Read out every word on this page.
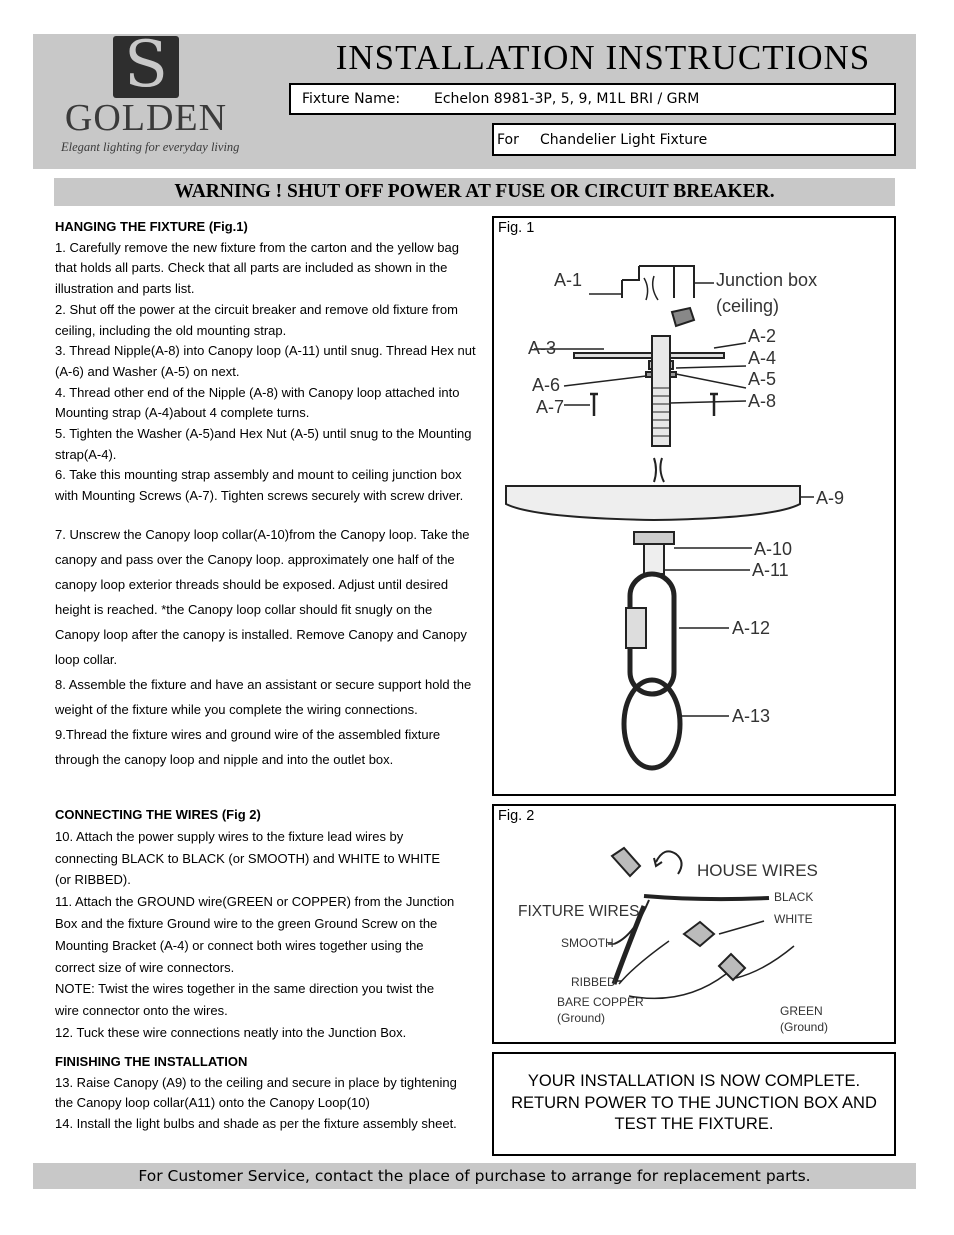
S
GOLDEN
Elegant lighting for everyday living
INSTALLATION INSTRUCTIONS
Fixture Name: Echelon 8981-3P, 5, 9, M1L BRI / GRM
For Chandelier Light Fixture
WARNING ! SHUT OFF POWER AT FUSE OR CIRCUIT BREAKER.

HANGING THE FIXTURE (Fig.1)

1. Carefully remove the new fixture from the carton and the yellow bag that holds all parts. Check that all parts are included as shown in the illustration and parts list.

2. Shut off the power at the circuit breaker and remove old fixture from ceiling, including the old mounting strap.

3. Thread Nipple(A-8) into Canopy loop (A-11) until snug. Thread Hex nut (A-6) and Washer (A-5) on next.

4. Thread other end of the Nipple (A-8) with Canopy loop attached into Mounting strap (A-4)about 4 complete turns.

5. Tighten the Washer (A-5)and Hex Nut (A-5) until snug to the Mounting strap(A-4).

6. Take this mounting strap assembly and mount to ceiling junction box with Mounting Screws (A-7). Tighten screws securely with screw driver.

7. Unscrew the Canopy loop collar(A-10)from the Canopy loop. Take the canopy and pass over the Canopy loop. approximately one half of the canopy loop exterior threads should be exposed. Adjust until desired height is reached. *the Canopy loop collar should fit snugly on the Canopy loop after the canopy is installed. Remove Canopy and Canopy loop collar.

8. Assemble the fixture and have an assistant or secure support hold the weight of the fixture while you complete the wiring connections.

9.Thread the fixture wires and ground wire of the assembled fixture through the canopy loop and nipple and into the outlet box.

CONNECTING THE WIRES (Fig 2)

10. Attach the power supply wires to the fixture lead wires by connecting BLACK to BLACK (or SMOOTH) and WHITE to WHITE (or RIBBED).

11. Attach the GROUND wire(GREEN or COPPER) from the Junction Box and the fixture Ground wire to the green Ground Screw on the Mounting Bracket (A-4) or connect both wires together using the correct size of wire connectors.

NOTE: Twist the wires together in the same direction you twist the wire connector onto the wires.

12. Tuck these wire connections neatly into the Junction Box.

FINISHING THE INSTALLATION

13. Raise Canopy (A9) to the ceiling and secure in place by tightening the Canopy loop collar(A11) onto the Canopy Loop(10)

14. Install the light bulbs and shade as per the fixture assembly sheet.

Fig. 1
A-1	Junction box
(ceiling)
A-2
A-3	A-4
A-5
A-6
A-7	A-8
A-9
A-10
A-11
A-12
A-13
Fig. 2
HOUSE WIRES
FIXTURE WIRES
BLACK
WHITE
SMOOTH
RIBBED
BARE COPPER
(Ground)	GREEN
(Ground)
YOUR INSTALLATION IS NOW COMPLETE.
RETURN POWER TO THE JUNCTION BOX AND
TEST THE FIXTURE.
For Customer Service, contact the place of purchase to arrange for replacement parts.
